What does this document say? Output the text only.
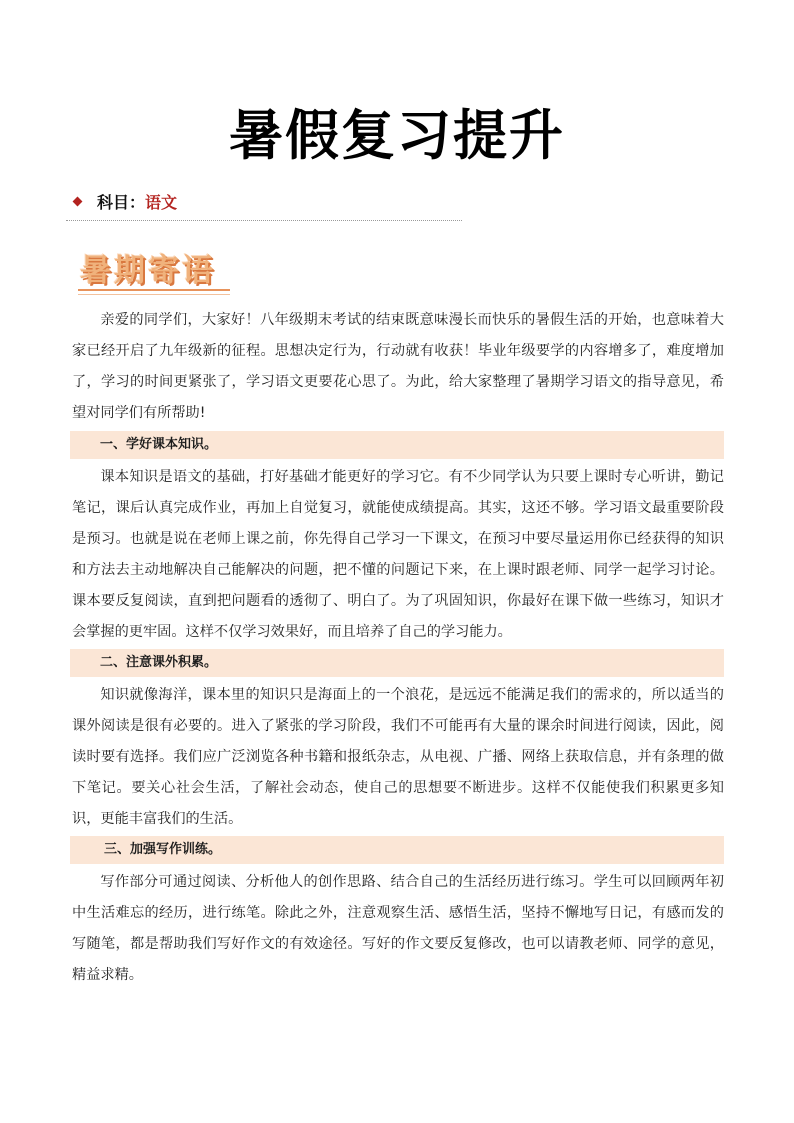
暑假复习提升
科目： 语文
暑期寄语
亲爱的同学们，大家好！八年级期末考试的结束既意味漫长而快乐的暑假生活的开始，也意味着大家已经开启了九年级新的征程。思想决定行为，行动就有收获！毕业年级要学的内容增多了，难度增加了，学习的时间更紧张了，学习语文更要花心思了。为此，给大家整理了暑期学习语文的指导意见，希望对同学们有所帮助!
一、学好课本知识。
课本知识是语文的基础，打好基础才能更好的学习它。有不少同学认为只要上课时专心听讲，勤记笔记，课后认真完成作业，再加上自觉复习，就能使成绩提高。其实，这还不够。学习语文最重要阶段是预习。也就是说在老师上课之前，你先得自己学习一下课文，在预习中要尽量运用你已经获得的知识和方法去主动地解决自己能解决的问题，把不懂的问题记下来，在上课时跟老师、同学一起学习讨论。课本要反复阅读，直到把问题看的透彻了、明白了。为了巩固知识，你最好在课下做一些练习，知识才会掌握的更牢固。这样不仅学习效果好，而且培养了自己的学习能力。
二、注意课外积累。
知识就像海洋，课本里的知识只是海面上的一个浪花，是远远不能满足我们的需求的，所以适当的课外阅读是很有必要的。进入了紧张的学习阶段，我们不可能再有大量的课余时间进行阅读，因此，阅读时要有选择。我们应广泛浏览各种书籍和报纸杂志，从电视、广播、网络上获取信息，并有条理的做下笔记。要关心社会生活，了解社会动态，使自己的思想要不断进步。这样不仅能使我们积累更多知识，更能丰富我们的生活。
三、加强写作训练。
写作部分可通过阅读、分析他人的创作思路、结合自己的生活经历进行练习。学生可以回顾两年初中生活难忘的经历，进行练笔。除此之外，注意观察生活、感悟生活，坚持不懈地写日记，有感而发的写随笔，都是帮助我们写好作文的有效途径。写好的作文要反复修改，也可以请教老师、同学的意见，精益求精。
